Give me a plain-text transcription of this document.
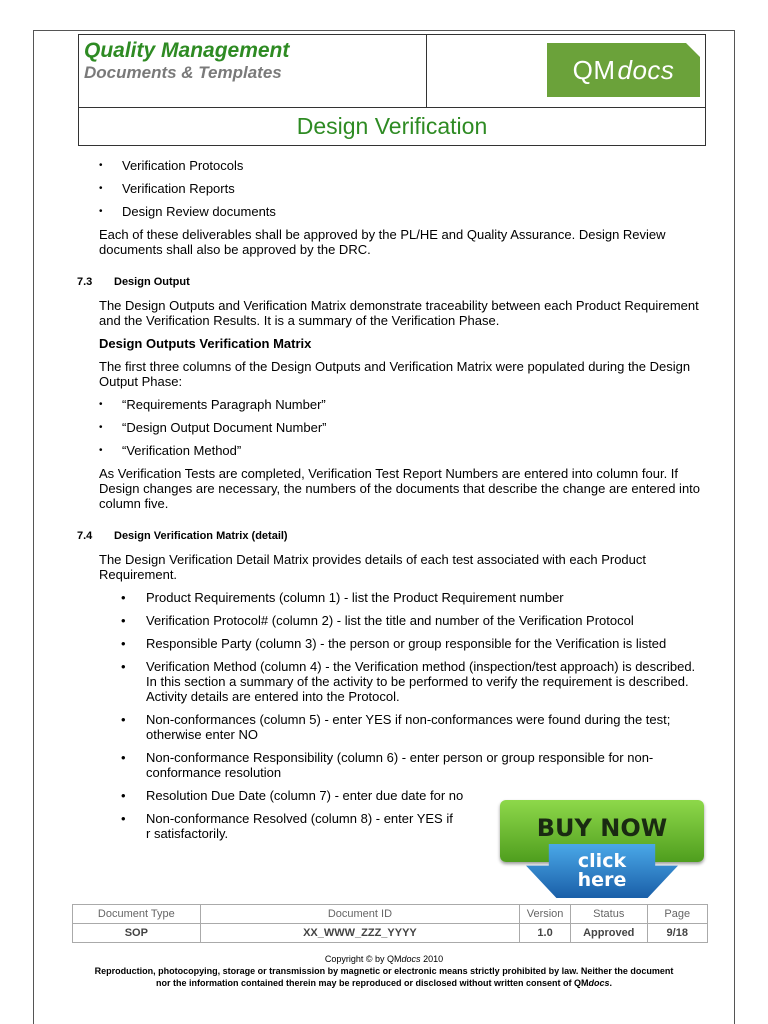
Quality Management
Documents & Templates	QM docs
Design Verification
• Verification Protocols
• Verification Reports
• Design Review documents
Each of these deliverables shall be approved by the PL/HE and Quality Assurance. Design Review documents shall also be approved by the DRC.
7.3	Design Output
The Design Outputs and Verification Matrix demonstrate traceability between each Product Requirement and the Verification Results. It is a summary of the Verification Phase.
Design Outputs Verification Matrix
The first three columns of the Design Outputs and Verification Matrix were populated during the Design Output Phase:
• “Requirements Paragraph Number”
• “Design Output Document Number”
• “Verification Method”
As Verification Tests are completed, Verification Test Report Numbers are entered into column four. If Design changes are necessary, the numbers of the documents that describe the change are entered into column five.
7.4	Design Verification Matrix (detail)
The Design Verification Detail Matrix provides details of each test associated with each Product Requirement.
• Product Requirements (column 1) - list the Product Requirement number
• Verification Protocol# (column 2) - list the title and number of the Verification Protocol
• Responsible Party (column 3) - the person or group responsible for the Verification is listed
• Verification Method (column 4) - the Verification method (inspection/test approach) is described. In this section a summary of the activity to be performed to verify the requirement is described. Activity details are entered into the Protocol.
• Non-conformances (column 5) - enter YES if non-conformances were found during the test; otherwise enter NO
• Non-conformance Responsibility (column 6) - enter person or group responsible for non-conformance resolution
• Resolution Due Date (column 7) - enter due date for no
• Non-conformance Resolved (column 8) - enter YES if r satisfactorily.	BUY NOW
click
here
Document Type	Document ID	Version	Status	Page
SOP	XX_WWW_ZZZ_YYYY	1.0	Approved	9/18
Copyright © by QMdocs 2010
Reproduction, photocopying, storage or transmission by magnetic or electronic means strictly prohibited by law. Neither the document
nor the information contained therein may be reproduced or disclosed without written consent of QMdocs.
